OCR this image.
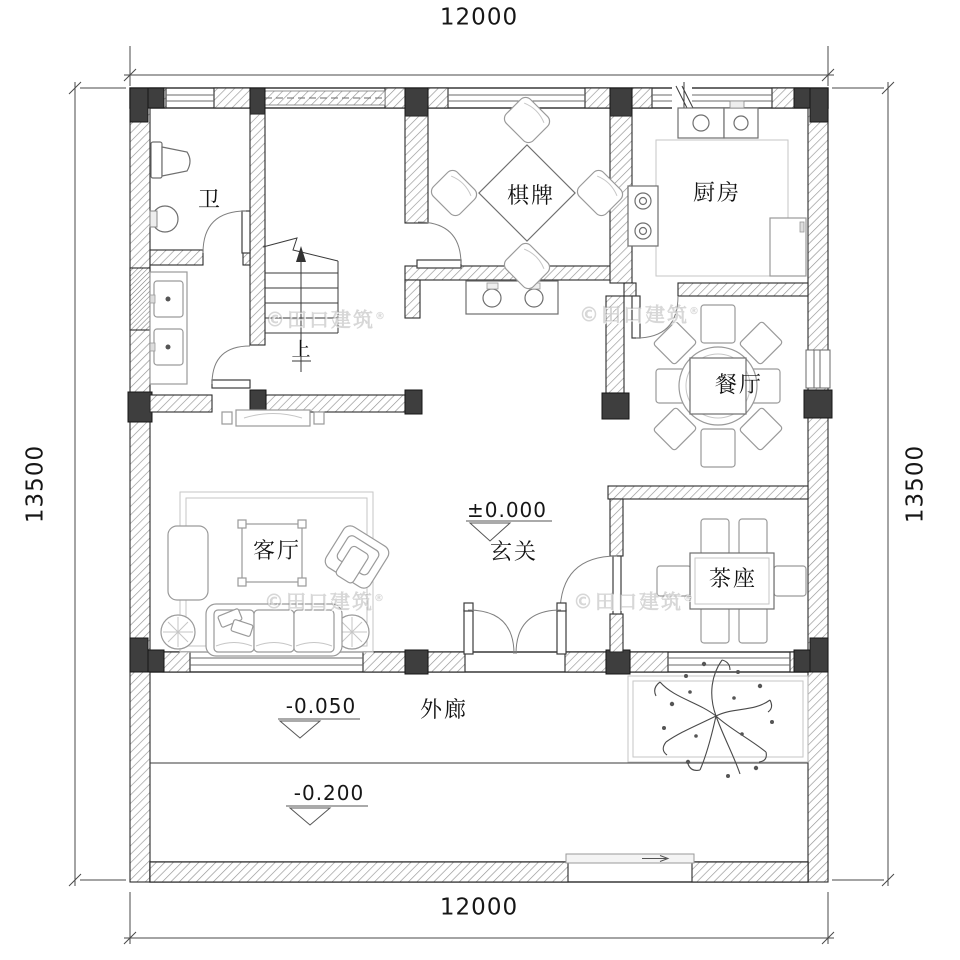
12000
12000
13500	13500
卫	棋牌	厨房
餐厅
客厅	玄关
茶座
外廊
上
±0.000
-0.050
-0.200
©田口建筑®	©田口建筑®
©田口建筑®	©田口建筑®
